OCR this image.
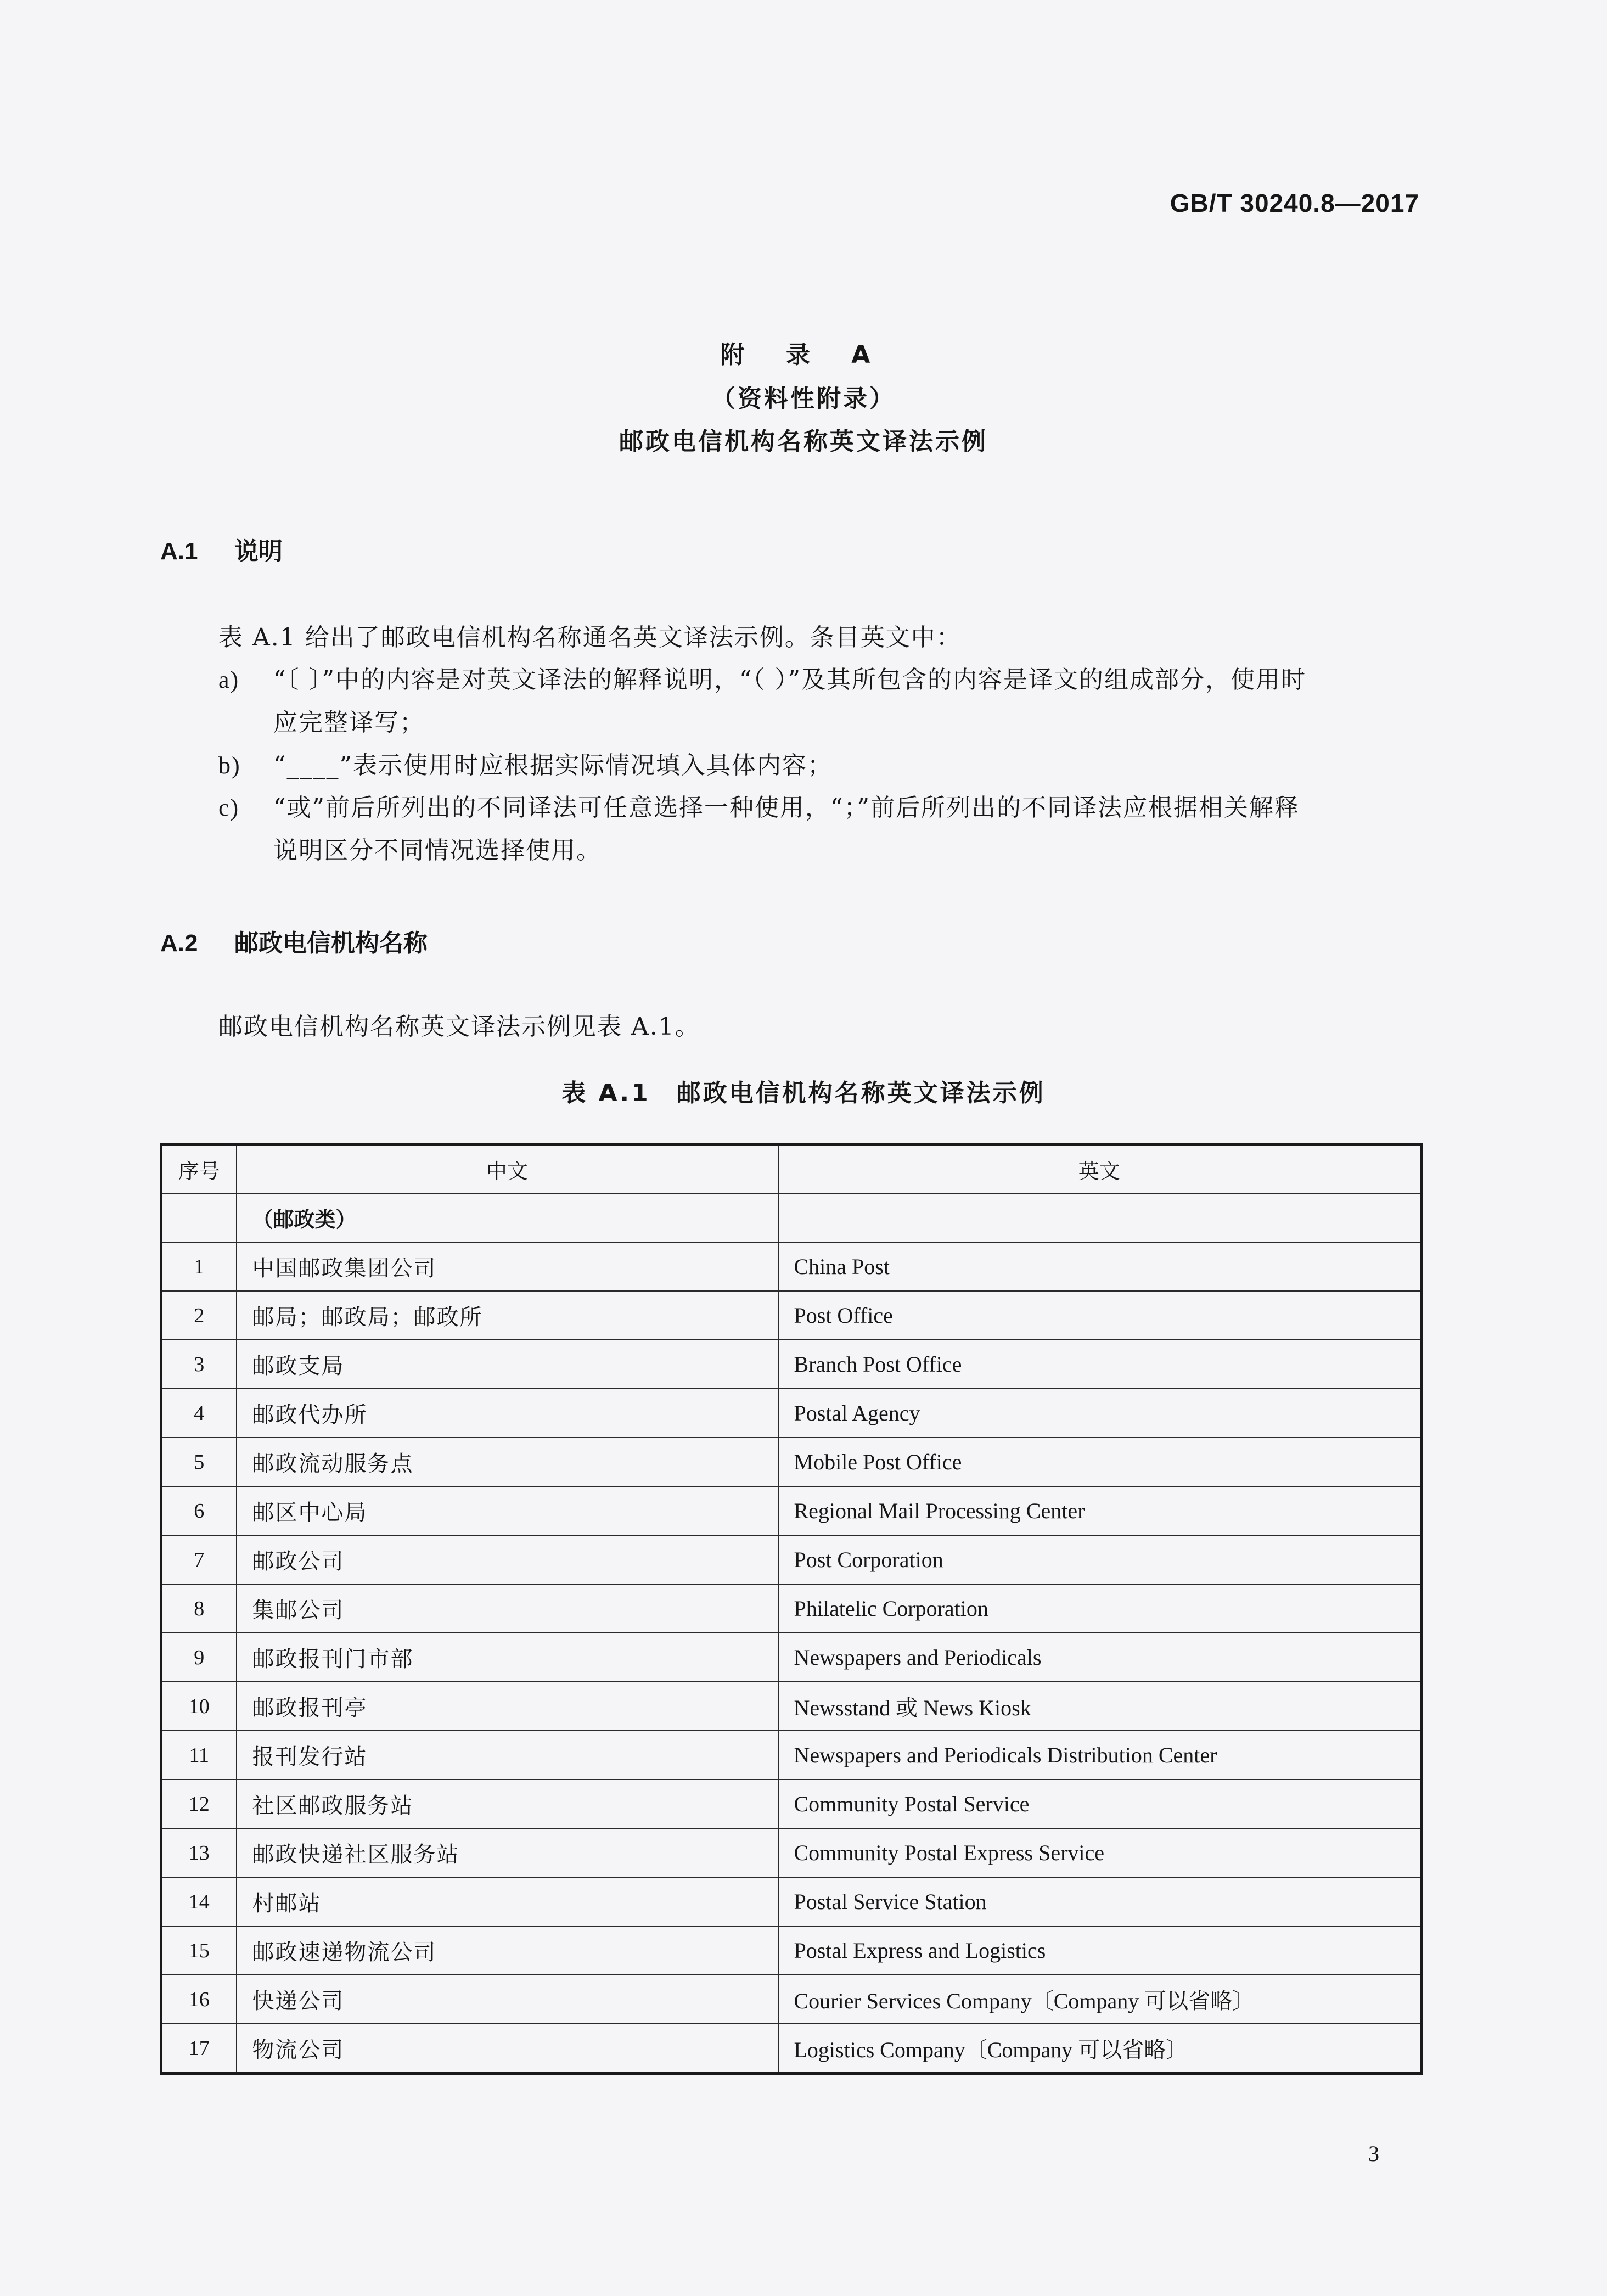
GB/T 30240.8—2017
附 录 A
（资料性附录）
邮政电信机构名称英文译法示例
A.1 说明
表 A.1 给出了邮政电信机构名称通名英文译法示例。条目英文中：
a) “〔 〕”中的内容是对英文译法的解释说明，“（ ）”及其所包含的内容是译文的组成部分，使用时
应完整译写；
b) “____”表示使用时应根据实际情况填入具体内容；
c) “或”前后所列出的不同译法可任意选择一种使用，“；”前后所列出的不同译法应根据相关解释
说明区分不同情况选择使用。
A.2 邮政电信机构名称
邮政电信机构名称英文译法示例见表 A.1。
表 A.1　邮政电信机构名称英文译法示例
序号	中文	英文
	（邮政类）	
1	中国邮政集团公司	China Post
2	邮局；邮政局；邮政所	Post Office
3	邮政支局	Branch Post Office
4	邮政代办所	Postal Agency
5	邮政流动服务点	Mobile Post Office
6	邮区中心局	Regional Mail Processing Center
7	邮政公司	Post Corporation
8	集邮公司	Philatelic Corporation
9	邮政报刊门市部	Newspapers and Periodicals
10	邮政报刊亭	Newsstand 或 News Kiosk
11	报刊发行站	Newspapers and Periodicals Distribution Center
12	社区邮政服务站	Community Postal Service
13	邮政快递社区服务站	Community Postal Express Service
14	村邮站	Postal Service Station
15	邮政速递物流公司	Postal Express and Logistics
16	快递公司	Courier Services Company〔Company 可以省略〕
17	物流公司	Logistics Company〔Company 可以省略〕
3
